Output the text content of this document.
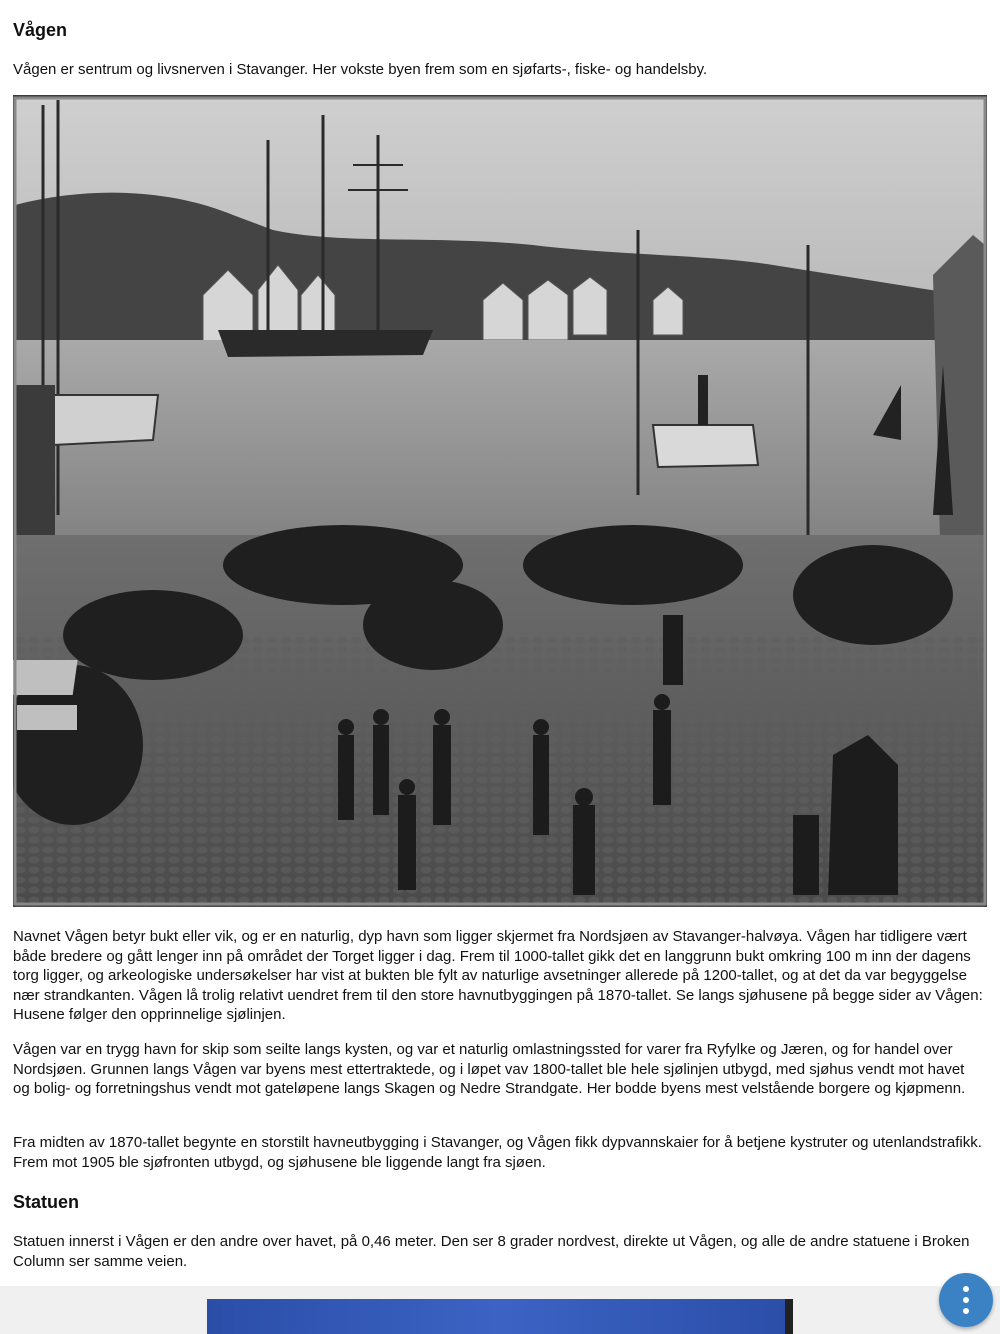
Vågen

Vågen er sentrum og livsnerven i Stavanger. Her vokste byen frem som en sjøfarts-, fiske- og handelsby.

Navnet Vågen betyr bukt eller vik, og er en naturlig, dyp havn som ligger skjermet fra Nordsjøen av Stavanger-halvøya. Vågen har tidligere vært både bredere og gått lenger inn på området der Torget ligger i dag. Frem til 1000-tallet gikk det en langgrunn bukt omkring 100 m inn der dagens torg ligger, og arkeologiske undersøkelser har vist at bukten ble fylt av naturlige avsetninger allerede på 1200-tallet, og at det da var begyggelse nær strandkanten. Vågen lå trolig relativt uendret frem til den store havnutbyggingen på 1870-tallet. Se langs sjøhusene på begge sider av Vågen: Husene følger den opprinnelige sjølinjen.

Vågen var en trygg havn for skip som seilte langs kysten, og var et naturlig omlastningssted for varer fra Ryfylke og Jæren, og for handel over Nordsjøen. Grunnen langs Vågen var byens mest ettertraktede, og i løpet vav 1800-tallet ble hele sjølinjen utbygd, med sjøhus vendt mot havet og bolig- og forretningshus vendt mot gateløpene langs Skagen og Nedre Strandgate. Her bodde byens mest velstående borgere og kjøpmenn.

Fra midten av 1870-tallet begynte en storstilt havneutbygging i Stavanger, og Vågen fikk dypvannskaier for å betjene kystruter og utenlandstrafikk. Frem mot 1905 ble sjøfronten utbygd, og sjøhusene ble liggende langt fra sjøen.

Statuen

Statuen innerst i Vågen er den andre over havet, på 0,46 meter. Den ser 8 grader nordvest, direkte ut Vågen, og alle de andre statuene i Broken Column ser samme veien.
